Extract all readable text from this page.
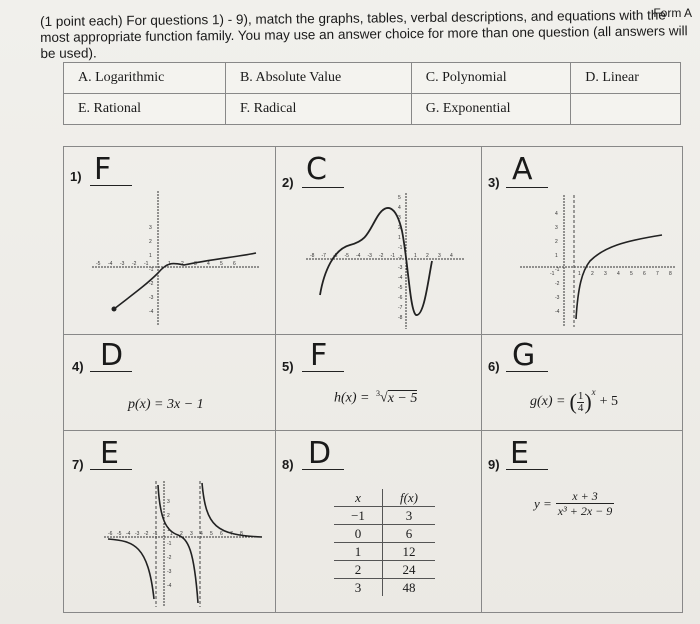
Form A
(1 point each) For questions 1) - 9), match the graphs, tables, verbal descriptions, and equations with the most appropriate function family. You may use an answer choice for more than one question (all answers will be used).
A. Logarithmic	B. Absolute Value	C. Polynomial	D. Linear
E. Rational	F. Radical	G. Exponential	
1) F
-5 -4 -3 -2 -1	1 2 3 4 5 6
3
2
1
-1
-2
-3
-4
2) C
-8 -7 -6 -5 -4 -3 -2 -1	1 2 3 4
5
4
3
2
1
-1
-2
-3
-4
-5
-6
-7
-8
3) A
-1	1 2 3 4 5 6 7 8
4
3
2
1
-1
-2
-3
-4
4) D
p(x) = 3x − 1
5) F
h(x) = $^3$√x − 5
6) G
g(x) = ( $\frac{1}{4} )^x$
+ 5
7) E
-6 -5 -4 -3 -2 -1	1 2 3 4 5 6 7 8
3
2
1
-1
-2
-3
-4
8) D
x	f(x)
−1	3
0	6
1	12
2	24
3	48
9) E
$y = \frac{x + 3}{\text{x³ + 2x − 9}}$
